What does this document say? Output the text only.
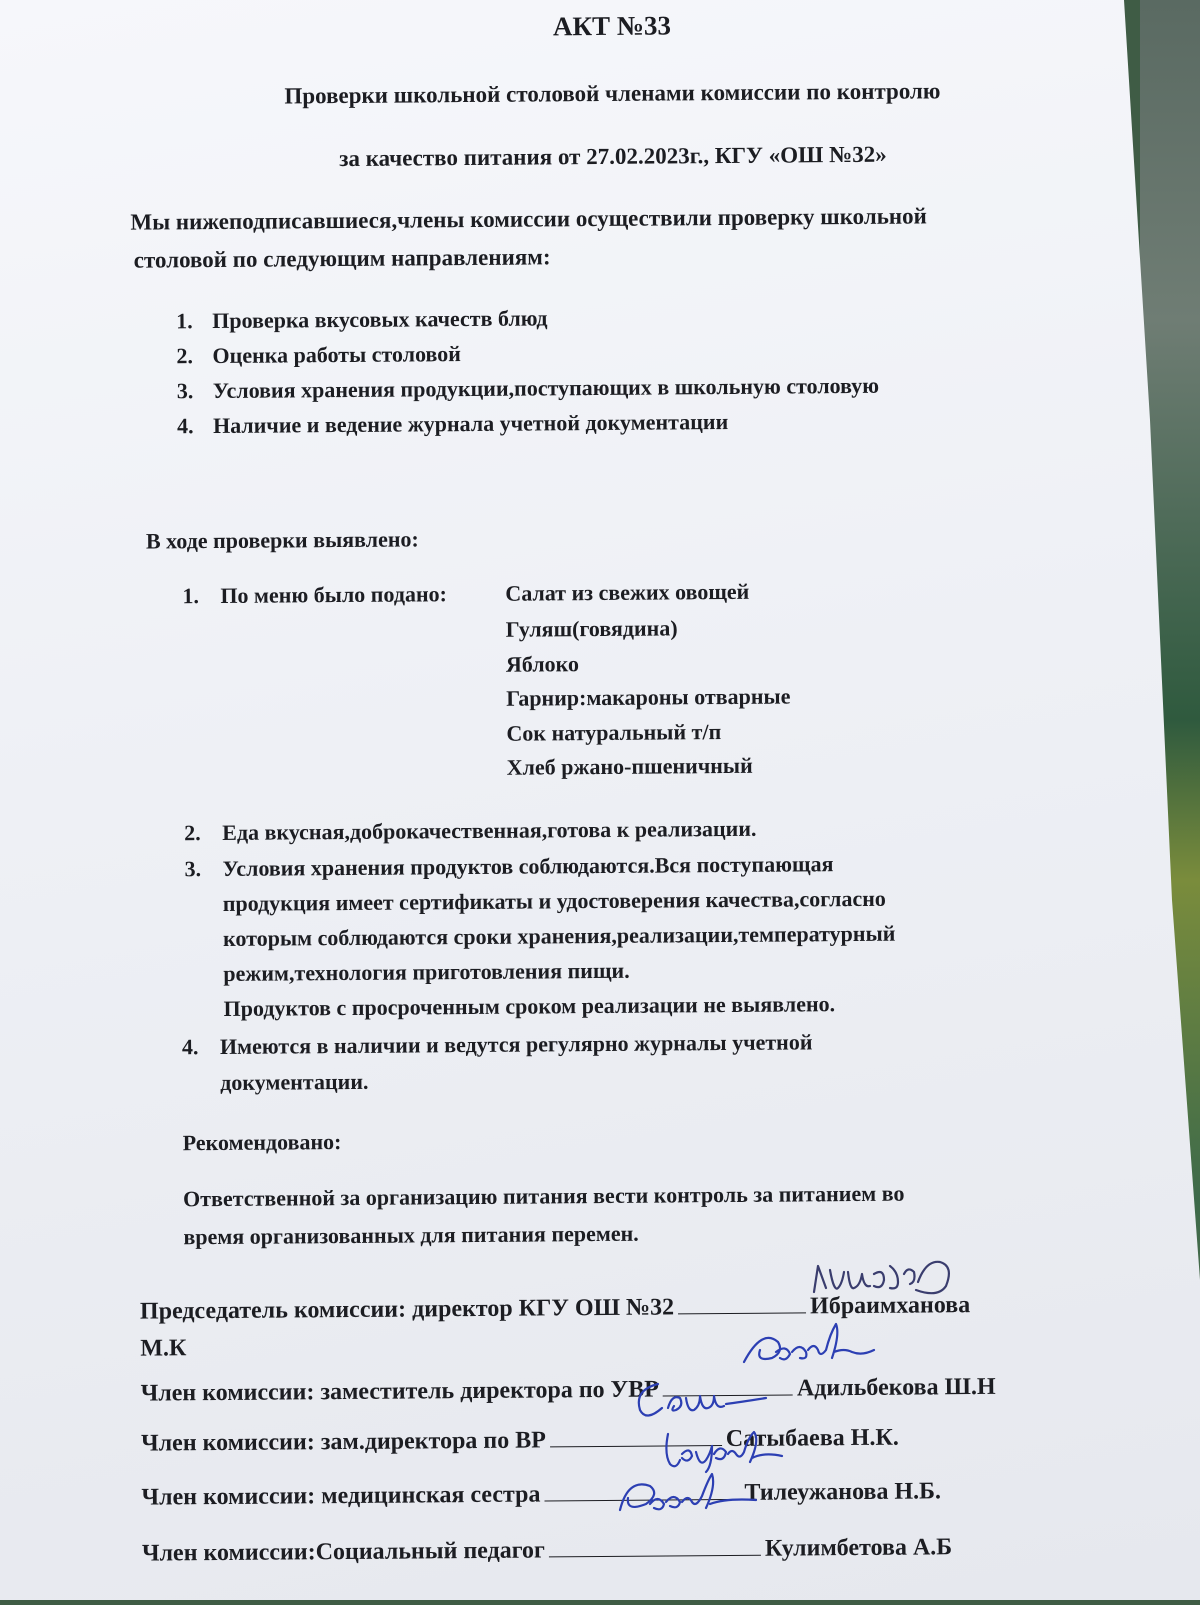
АКТ №33
Проверки школьной столовой членами комиссии по контролю
за качество питания от 27.02.2023г., КГУ «ОШ №32»
Мы нижеподписавшиеся,члены комиссии осуществили проверку школьной
столовой по следующим направлениям:
1. Проверка вкусовых качеств блюд
2. Оценка работы столовой
3. Условия хранения продукции,поступающих в школьную столовую
4. Наличие и ведение журнала учетной документации
В ходе проверки выявлено:
1. По меню было подано:	Салат из свежих овощей
Гуляш(говядина)
Яблоко
Гарнир:макароны отварные
Сок натуральный т/п
Хлеб ржано-пшеничный
2. Еда вкусная,доброкачественная,готова к реализации.
3. Условия хранения продуктов соблюдаются.Вся поступающая
продукция имеет сертификаты и удостоверения качества,согласно
которым соблюдаются сроки хранения,реализации,температурный
режим,технология приготовления пищи.
Продуктов с просроченным сроком реализации не выявлено.
4. Имеются в наличии и ведутся регулярно журналы учетной
документации.
Рекомендовано:
Ответственной за организацию питания вести контроль за питанием во
время организованных для питания перемен.
Председатель комиссии: директор КГУ ОШ №32	Ибраимханова
М.К
Член комиссии: заместитель директора по УВР	Адильбекова Ш.Н
Член комиссии: зам.директора по ВР	Сатыбаева Н.К.
Член комиссии: медицинская сестра	Тилеужанова Н.Б.
Член комиссии:Социальный педагог	Кулимбетова А.Б
